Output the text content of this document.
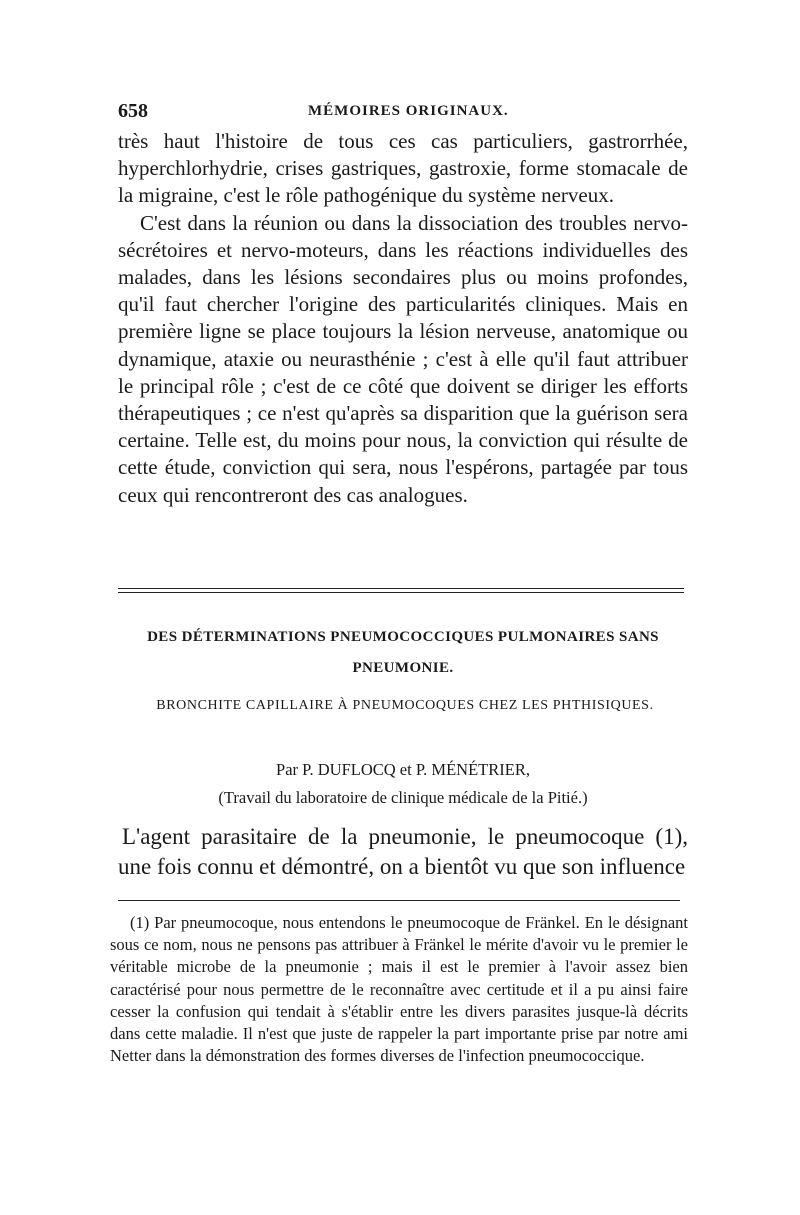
658	MÉMOIRES ORIGINAUX.

très haut l'histoire de tous ces cas particuliers, gastrorrhée, hyperchlorhydrie, crises gastriques, gastroxie, forme stomacale de la migraine, c'est le rôle pathogénique du système nerveux.

C'est dans la réunion ou dans la dissociation des troubles nervo-sécrétoires et nervo-moteurs, dans les réactions individuelles des malades, dans les lésions secondaires plus ou moins profondes, qu'il faut chercher l'origine des particularités cliniques. Mais en première ligne se place toujours la lésion nerveuse, anatomique ou dynamique, ataxie ou neurasthénie ; c'est à elle qu'il faut attribuer le principal rôle ; c'est de ce côté que doivent se diriger les efforts thérapeutiques ; ce n'est qu'après sa disparition que la guérison sera certaine. Telle est, du moins pour nous, la conviction qui résulte de cette étude, conviction qui sera, nous l'espérons, partagée par tous ceux qui rencontreront des cas analogues.

DES DÉTERMINATIONS PNEUMOCOCCIQUES PULMONAIRES SANS PNEUMONIE.
BRONCHITE CAPILLAIRE À PNEUMOCOQUES CHEZ LES PHTHISIQUES.
Par P. DUFLOCQ et P. MÉNÉTRIER,
(Travail du laboratoire de clinique médicale de la Pitié.)

L'agent parasitaire de la pneumonie, le pneumocoque (1), une fois connu et démontré, on a bientôt vu que son influence

(1) Par pneumocoque, nous entendons le pneumocoque de Fränkel. En le désignant sous ce nom, nous ne pensons pas attribuer à Fränkel le mérite d'avoir vu le premier le véritable microbe de la pneumonie ; mais il est le premier à l'avoir assez bien caractérisé pour nous permettre de le reconnaître avec certitude et il a pu ainsi faire cesser la confusion qui tendait à s'établir entre les divers parasites jusque-là décrits dans cette maladie. Il n'est que juste de rappeler la part importante prise par notre ami Netter dans la démonstration des formes diverses de l'infection pneumococcique.
